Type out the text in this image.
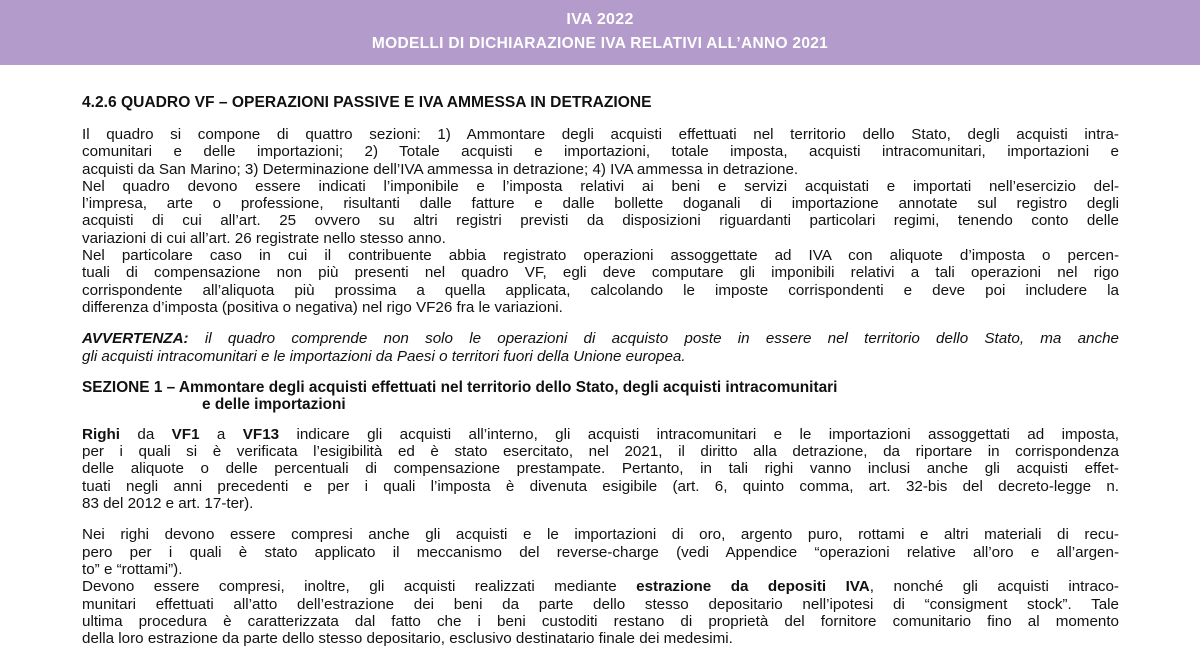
IVA 2022
MODELLI DI DICHIARAZIONE IVA RELATIVI ALL’ANNO 2021
4.2.6 QUADRO VF – OPERAZIONI PASSIVE E IVA AMMESSA IN DETRAZIONE
Il quadro si compone di quattro sezioni: 1) Ammontare degli acquisti effettuati nel territorio dello Stato, degli acquisti intra-
comunitari e delle importazioni; 2) Totale acquisti e importazioni, totale imposta, acquisti intracomunitari, importazioni e
acquisti da San Marino; 3) Determinazione dell’IVA ammessa in detrazione; 4) IVA ammessa in detrazione.
Nel quadro devono essere indicati l’imponibile e l’imposta relativi ai beni e servizi acquistati e importati nell’esercizio del-
l’impresa, arte o professione, risultanti dalle fatture e dalle bollette doganali di importazione annotate sul registro degli
acquisti di cui all’art. 25 ovvero su altri registri previsti da disposizioni riguardanti particolari regimi, tenendo conto delle
variazioni di cui all’art. 26 registrate nello stesso anno.
Nel particolare caso in cui il contribuente abbia registrato operazioni assoggettate ad IVA con aliquote d’imposta o percen-
tuali di compensazione non più presenti nel quadro VF, egli deve computare gli imponibili relativi a tali operazioni nel rigo
corrispondente all’aliquota più prossima a quella applicata, calcolando le imposte corrispondenti e deve poi includere la
differenza d’imposta (positiva o negativa) nel rigo VF26 fra le variazioni.
AVVERTENZA: il quadro comprende non solo le operazioni di acquisto poste in essere nel territorio dello Stato, ma anche
gli acquisti intracomunitari e le importazioni da Paesi o territori fuori della Unione europea.
SEZIONE 1 – Ammontare degli acquisti effettuati nel territorio dello Stato, degli acquisti intracomunitari
e delle importazioni
Righi da VF1 a VF13 indicare gli acquisti all’interno, gli acquisti intracomunitari e le importazioni assoggettati ad imposta,
per i quali si è verificata l’esigibilità ed è stato esercitato, nel 2021, il diritto alla detrazione, da riportare in corrispondenza
delle aliquote o delle percentuali di compensazione prestampate. Pertanto, in tali righi vanno inclusi anche gli acquisti effet-
tuati negli anni precedenti e per i quali l’imposta è divenuta esigibile (art. 6, quinto comma, art. 32-bis del decreto-legge n.
83 del 2012 e art. 17-ter).
Nei righi devono essere compresi anche gli acquisti e le importazioni di oro, argento puro, rottami e altri materiali di recu-
pero per i quali è stato applicato il meccanismo del reverse-charge (vedi Appendice “operazioni relative all’oro e all’argen-
to” e “rottami”).
Devono essere compresi, inoltre, gli acquisti realizzati mediante estrazione da depositi IVA, nonché gli acquisti intraco-
munitari effettuati all’atto dell’estrazione dei beni da parte dello stesso depositario nell’ipotesi di “consigment stock”. Tale
ultima procedura è caratterizzata dal fatto che i beni custoditi restano di proprietà del fornitore comunitario fino al momento
della loro estrazione da parte dello stesso depositario, esclusivo destinatario finale dei medesimi.
